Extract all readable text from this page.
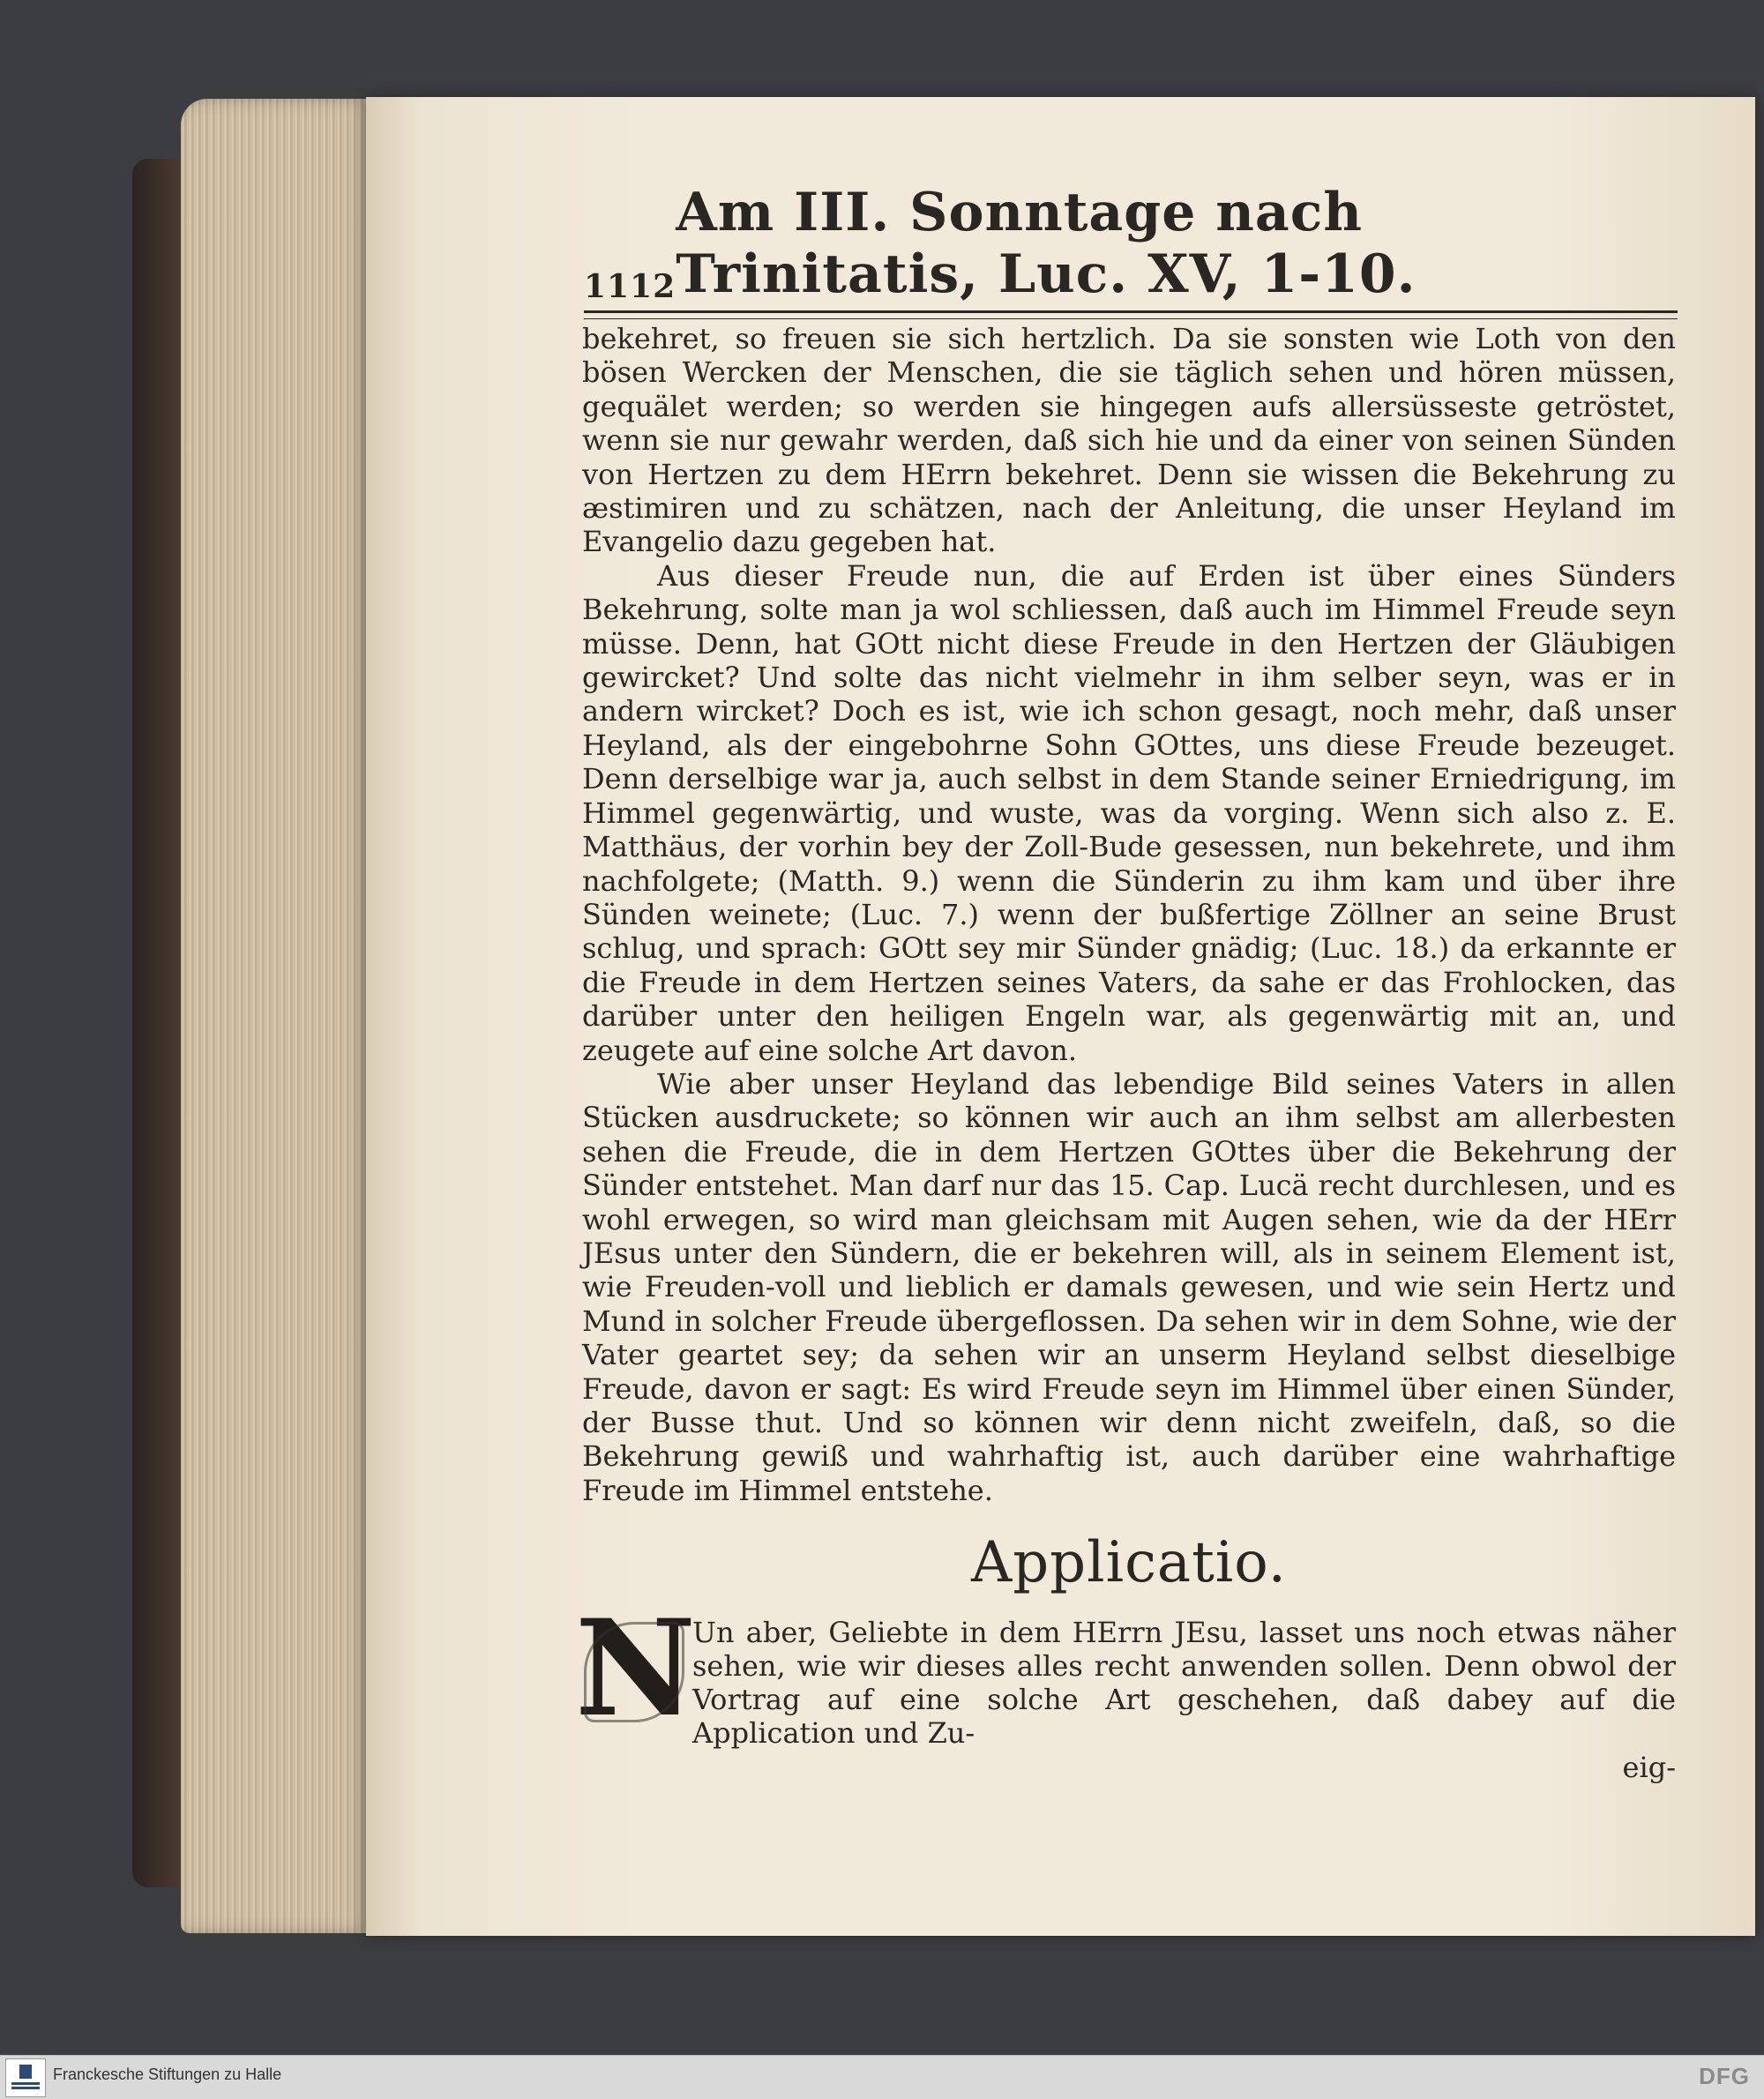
1112
Am III. Sonntage nach Trinitatis, Luc. XV, 1-10.

bekehret, so freuen sie sich hertzlich. Da sie sonsten wie Loth von den bösen Wercken der Menschen, die sie täglich sehen und hören müssen, gequälet werden; so werden sie hingegen aufs allersüsseste getröstet, wenn sie nur gewahr werden, daß sich hie und da einer von seinen Sünden von Hertzen zu dem HErrn bekehret. Denn sie wissen die Bekehrung zu æstimiren und zu schätzen, nach der Anleitung, die unser Heyland im Evangelio dazu gegeben hat.

Aus dieser Freude nun, die auf Erden ist über eines Sünders Bekehrung, solte man ja wol schliessen, daß auch im Himmel Freude seyn müsse. Denn, hat GOtt nicht diese Freude in den Hertzen der Gläubigen gewircket? Und solte das nicht vielmehr in ihm selber seyn, was er in andern wircket? Doch es ist, wie ich schon gesagt, noch mehr, daß unser Heyland, als der eingebohrne Sohn GOttes, uns diese Freude bezeuget. Denn derselbige war ja, auch selbst in dem Stande seiner Erniedrigung, im Himmel gegenwärtig, und wuste, was da vorging. Wenn sich also z. E. Matthäus, der vorhin bey der Zoll-Bude gesessen, nun bekehrete, und ihm nachfolgete; (Matth. 9.) wenn die Sünderin zu ihm kam und über ihre Sünden weinete; (Luc. 7.) wenn der bußfertige Zöllner an seine Brust schlug, und sprach: GOtt sey mir Sünder gnädig; (Luc. 18.) da erkannte er die Freude in dem Hertzen seines Vaters, da sahe er das Frohlocken, das darüber unter den heiligen Engeln war, als gegenwärtig mit an, und zeugete auf eine solche Art davon.

Wie aber unser Heyland das lebendige Bild seines Vaters in allen Stücken ausdruckete; so können wir auch an ihm selbst am allerbesten sehen die Freude, die in dem Hertzen GOttes über die Bekehrung der Sünder entstehet. Man darf nur das 15. Cap. Lucä recht durchlesen, und es wohl erwegen, so wird man gleichsam mit Augen sehen, wie da der HErr JEsus unter den Sündern, die er bekehren will, als in seinem Element ist, wie Freuden-voll und lieblich er damals gewesen, und wie sein Hertz und Mund in solcher Freude übergeflossen. Da sehen wir in dem Sohne, wie der Vater geartet sey; da sehen wir an unserm Heyland selbst dieselbige Freude, davon er sagt: Es wird Freude seyn im Himmel über einen Sünder, der Busse thut. Und so können wir denn nicht zweifeln, daß, so die Bekehrung gewiß und wahrhaftig ist, auch darüber eine wahrhaftige Freude im Himmel entstehe.

Applicatio.
N
Un aber, Geliebte in dem HErrn JEsu, lasset uns noch etwas näher sehen, wie wir dieses alles recht anwenden sollen. Denn obwol der Vortrag auf eine solche Art geschehen, daß dabey auf die Application und Zu-
eig-
Franckesche Stiftungen zu Halle	DFG
